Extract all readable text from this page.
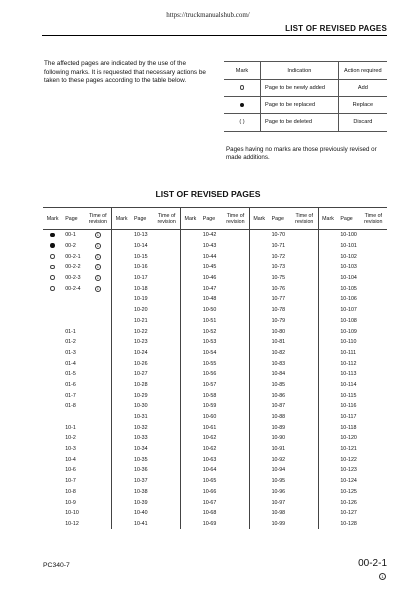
https://truckmanualshub.com/
LIST OF REVISED PAGES
The affected pages are indicated by the use of the following marks. It is requested that necessary actions be taken to these pages according to the table below.
Mark	Indication	Action required
	Page to be newly added	Add
	Page to be replaced	Replace
( )	Page to be deleted	Discard
Pages having no marks are those previously revised or made additions.
LIST OF REVISED PAGES
Mark	Page	Time of revision	Mark	Page	Time of revision	Mark	Page	Time of revision	Mark	Page	Time of revision	Mark	Page	Time of revision
	00-1	1		10-13			10-42			10-70			10-100	
	00-2	1		10-14			10-43			10-71			10-101	
	00-2-1	1		10-15			10-44			10-72			10-102	
	00-2-2	1		10-16			10-45			10-73			10-103	
	00-2-3	1		10-17			10-46			10-75			10-104	
	00-2-4	1		10-18			10-47			10-76			10-105	
				10-19			10-48			10-77			10-106	
				10-20			10-50			10-78			10-107	
				10-21			10-51			10-79			10-108	
	01-1			10-22			10-52			10-80			10-109	
	01-2			10-23			10-53			10-81			10-110	
	01-3			10-24			10-54			10-82			10-111	
	01-4			10-26			10-55			10-83			10-112	
	01-5			10-27			10-56			10-84			10-113	
	01-6			10-28			10-57			10-85			10-114	
	01-7			10-29			10-58			10-86			10-115	
	01-8			10-30			10-59			10-87			10-116	
				10-31			10-60			10-88			10-117	
	10-1			10-32			10-61			10-89			10-118	
	10-2			10-33			10-62			10-90			10-120	
	10-3			10-34			10-62			10-91			10-121	
	10-4			10-35			10-63			10-92			10-122	
	10-6			10-36			10-64			10-94			10-123	
	10-7			10-37			10-65			10-95			10-124	
	10-8			10-38			10-66			10-96			10-125	
	10-9			10-39			10-67			10-97			10-126	
	10-10			10-40			10-68			10-98			10-127	
	10-12			10-41			10-69			10-99			10-128	
PC340-7	00-2-1
1
